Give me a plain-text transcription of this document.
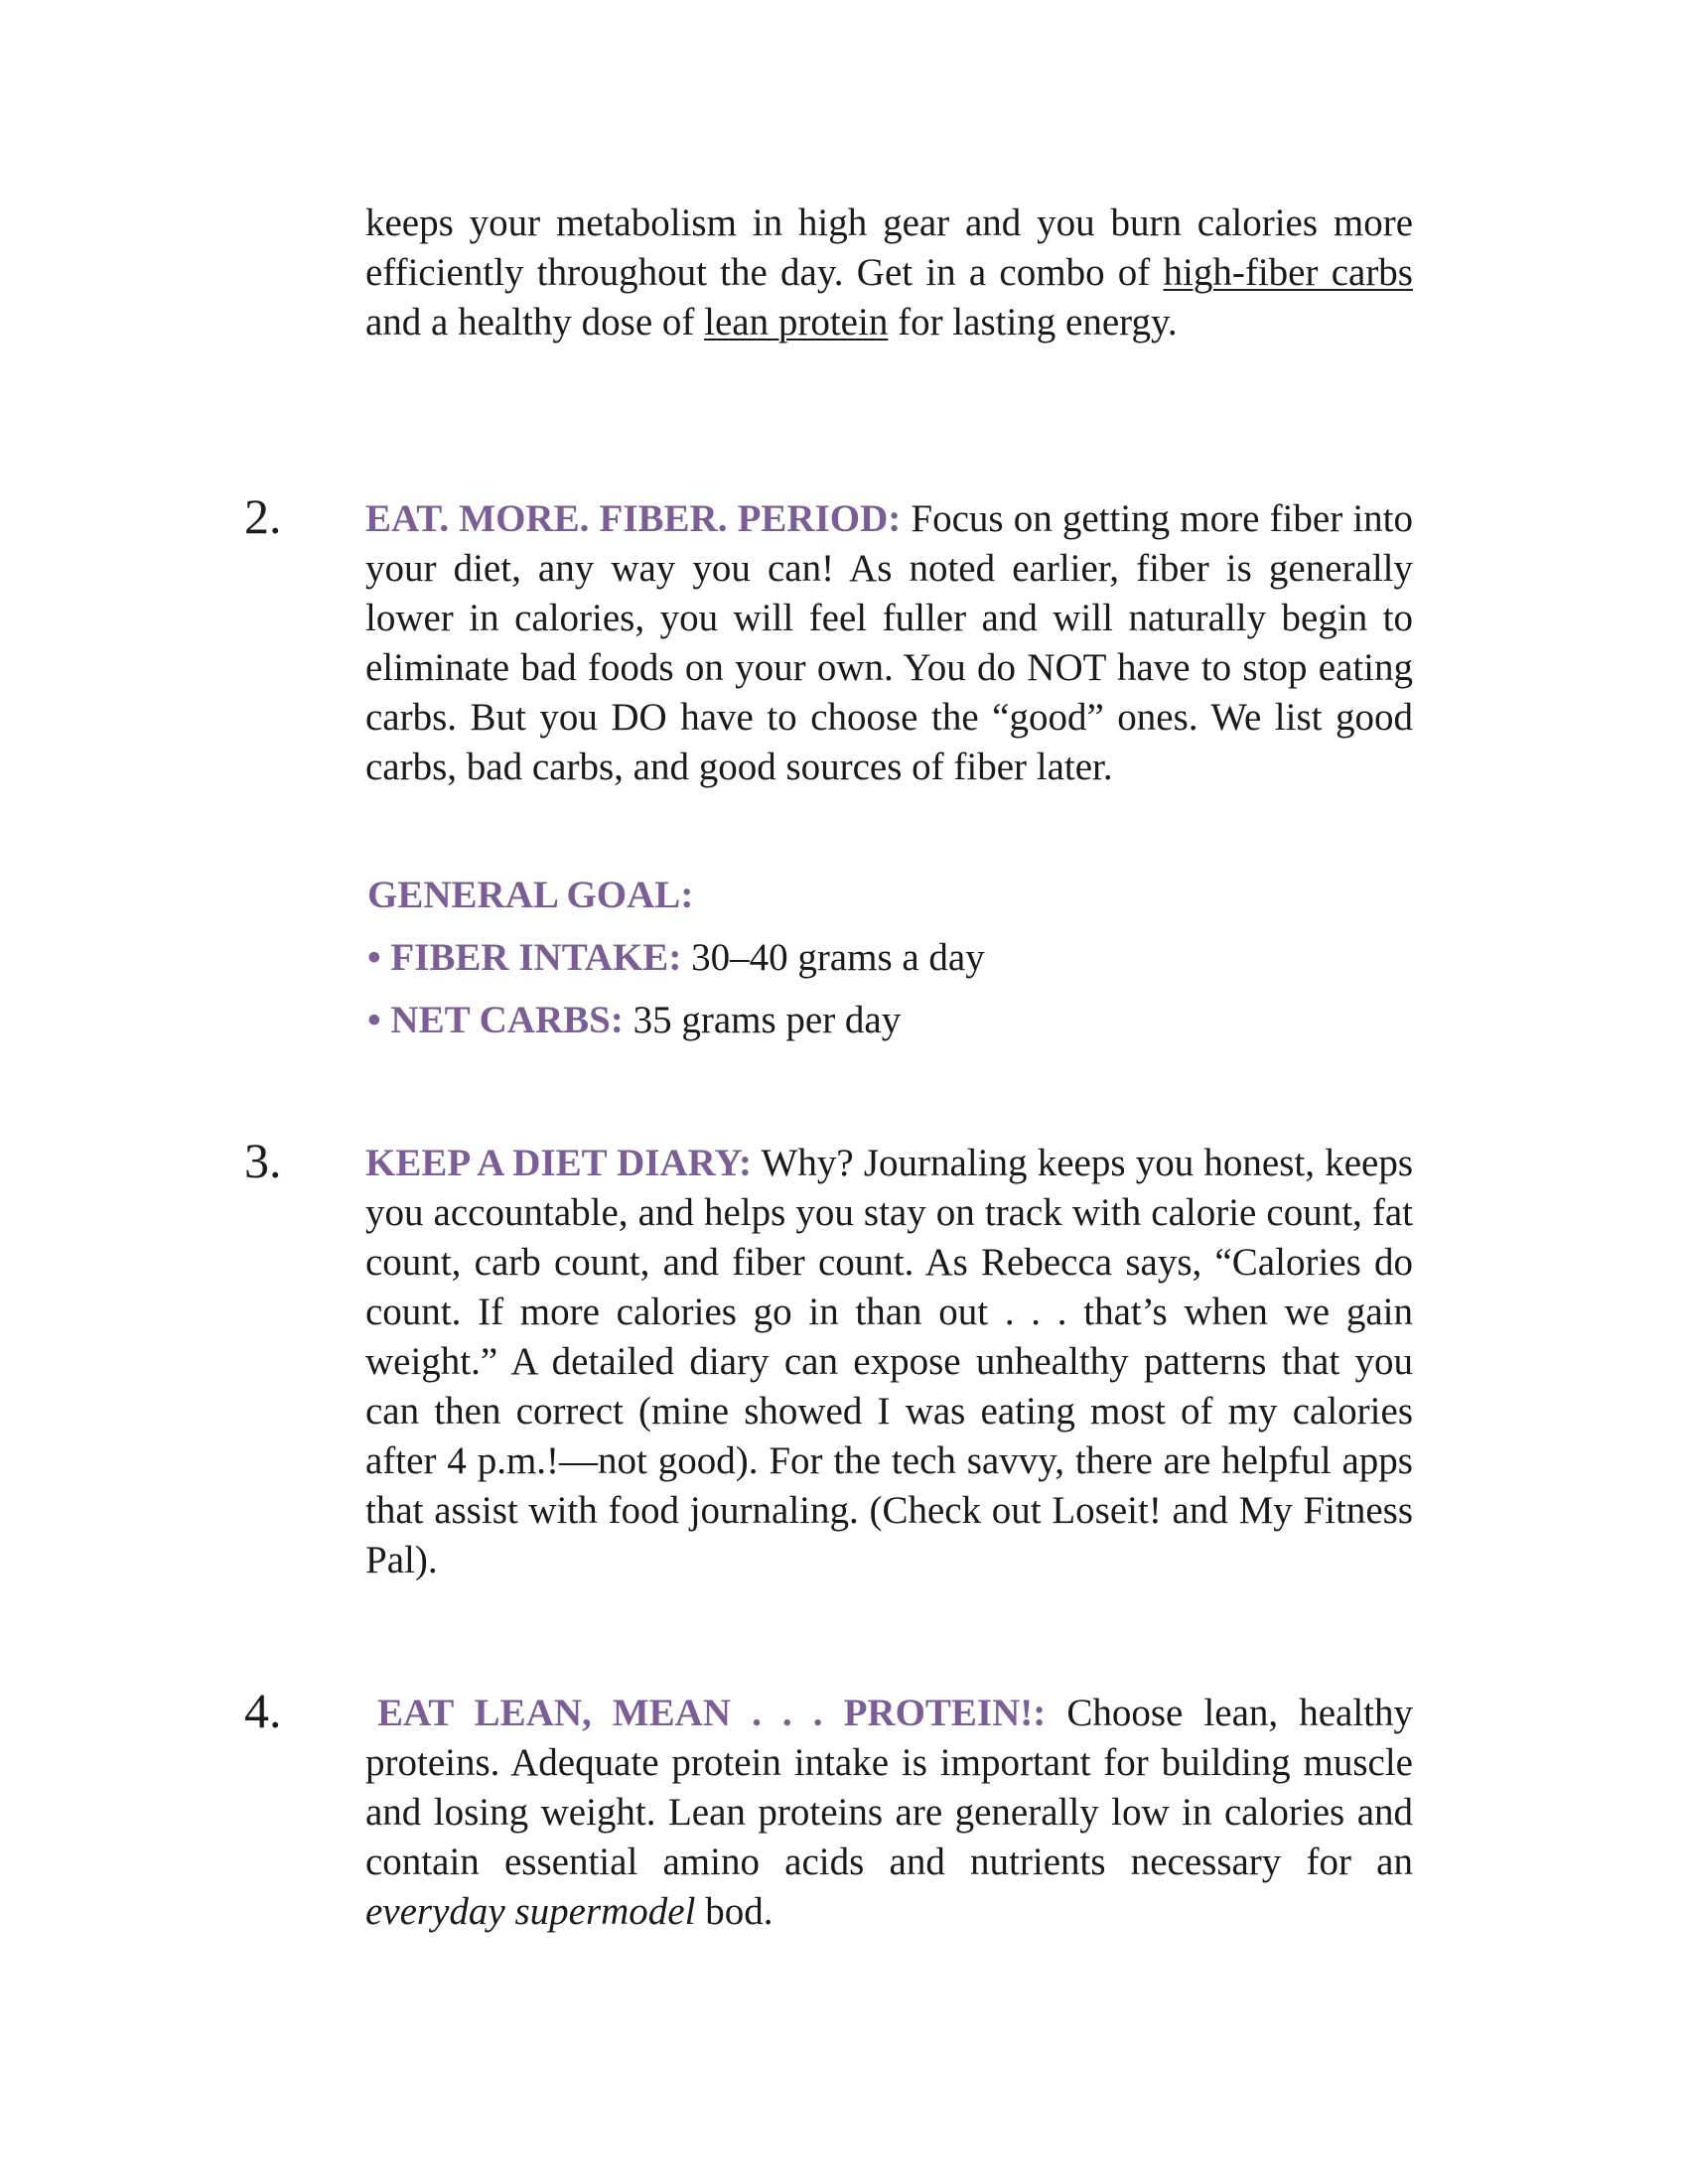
keeps your metabolism in high gear and you burn calories more efficiently throughout the day. Get in a combo of high-fiber carbs and a healthy dose of lean protein for lasting energy.

2. EAT. MORE. FIBER. PERIOD: Focus on getting more fiber into your diet, any way you can! As noted earlier, fiber is generally lower in calories, you will feel fuller and will naturally begin to eliminate bad foods on your own. You do NOT have to stop eating carbs. But you DO have to choose the “good” ones. We list good carbs, bad carbs, and good sources of fiber later.

GENERAL GOAL:

• FIBER INTAKE: 30–40 grams a day

• NET CARBS: 35 grams per day

3. KEEP A DIET DIARY: Why? Journaling keeps you honest, keeps you accountable, and helps you stay on track with calorie count, fat count, carb count, and fiber count. As Rebecca says, “Calories do count. If more calories go in than out . . . that’s when we gain weight.” A detailed diary can expose unhealthy patterns that you can then correct (mine showed I was eating most of my calories after 4 p.m.!—not good). For the tech savvy, there are helpful apps that assist with food journaling. (Check out Loseit! and My Fitness Pal).

4.	EAT LEAN, MEAN . . . PROTEIN!: Choose lean, healthy proteins. Adequate protein intake is important for building muscle and losing weight. Lean proteins are generally low in calories and contain essential amino acids and nutrients necessary for an everyday supermodel bod.
